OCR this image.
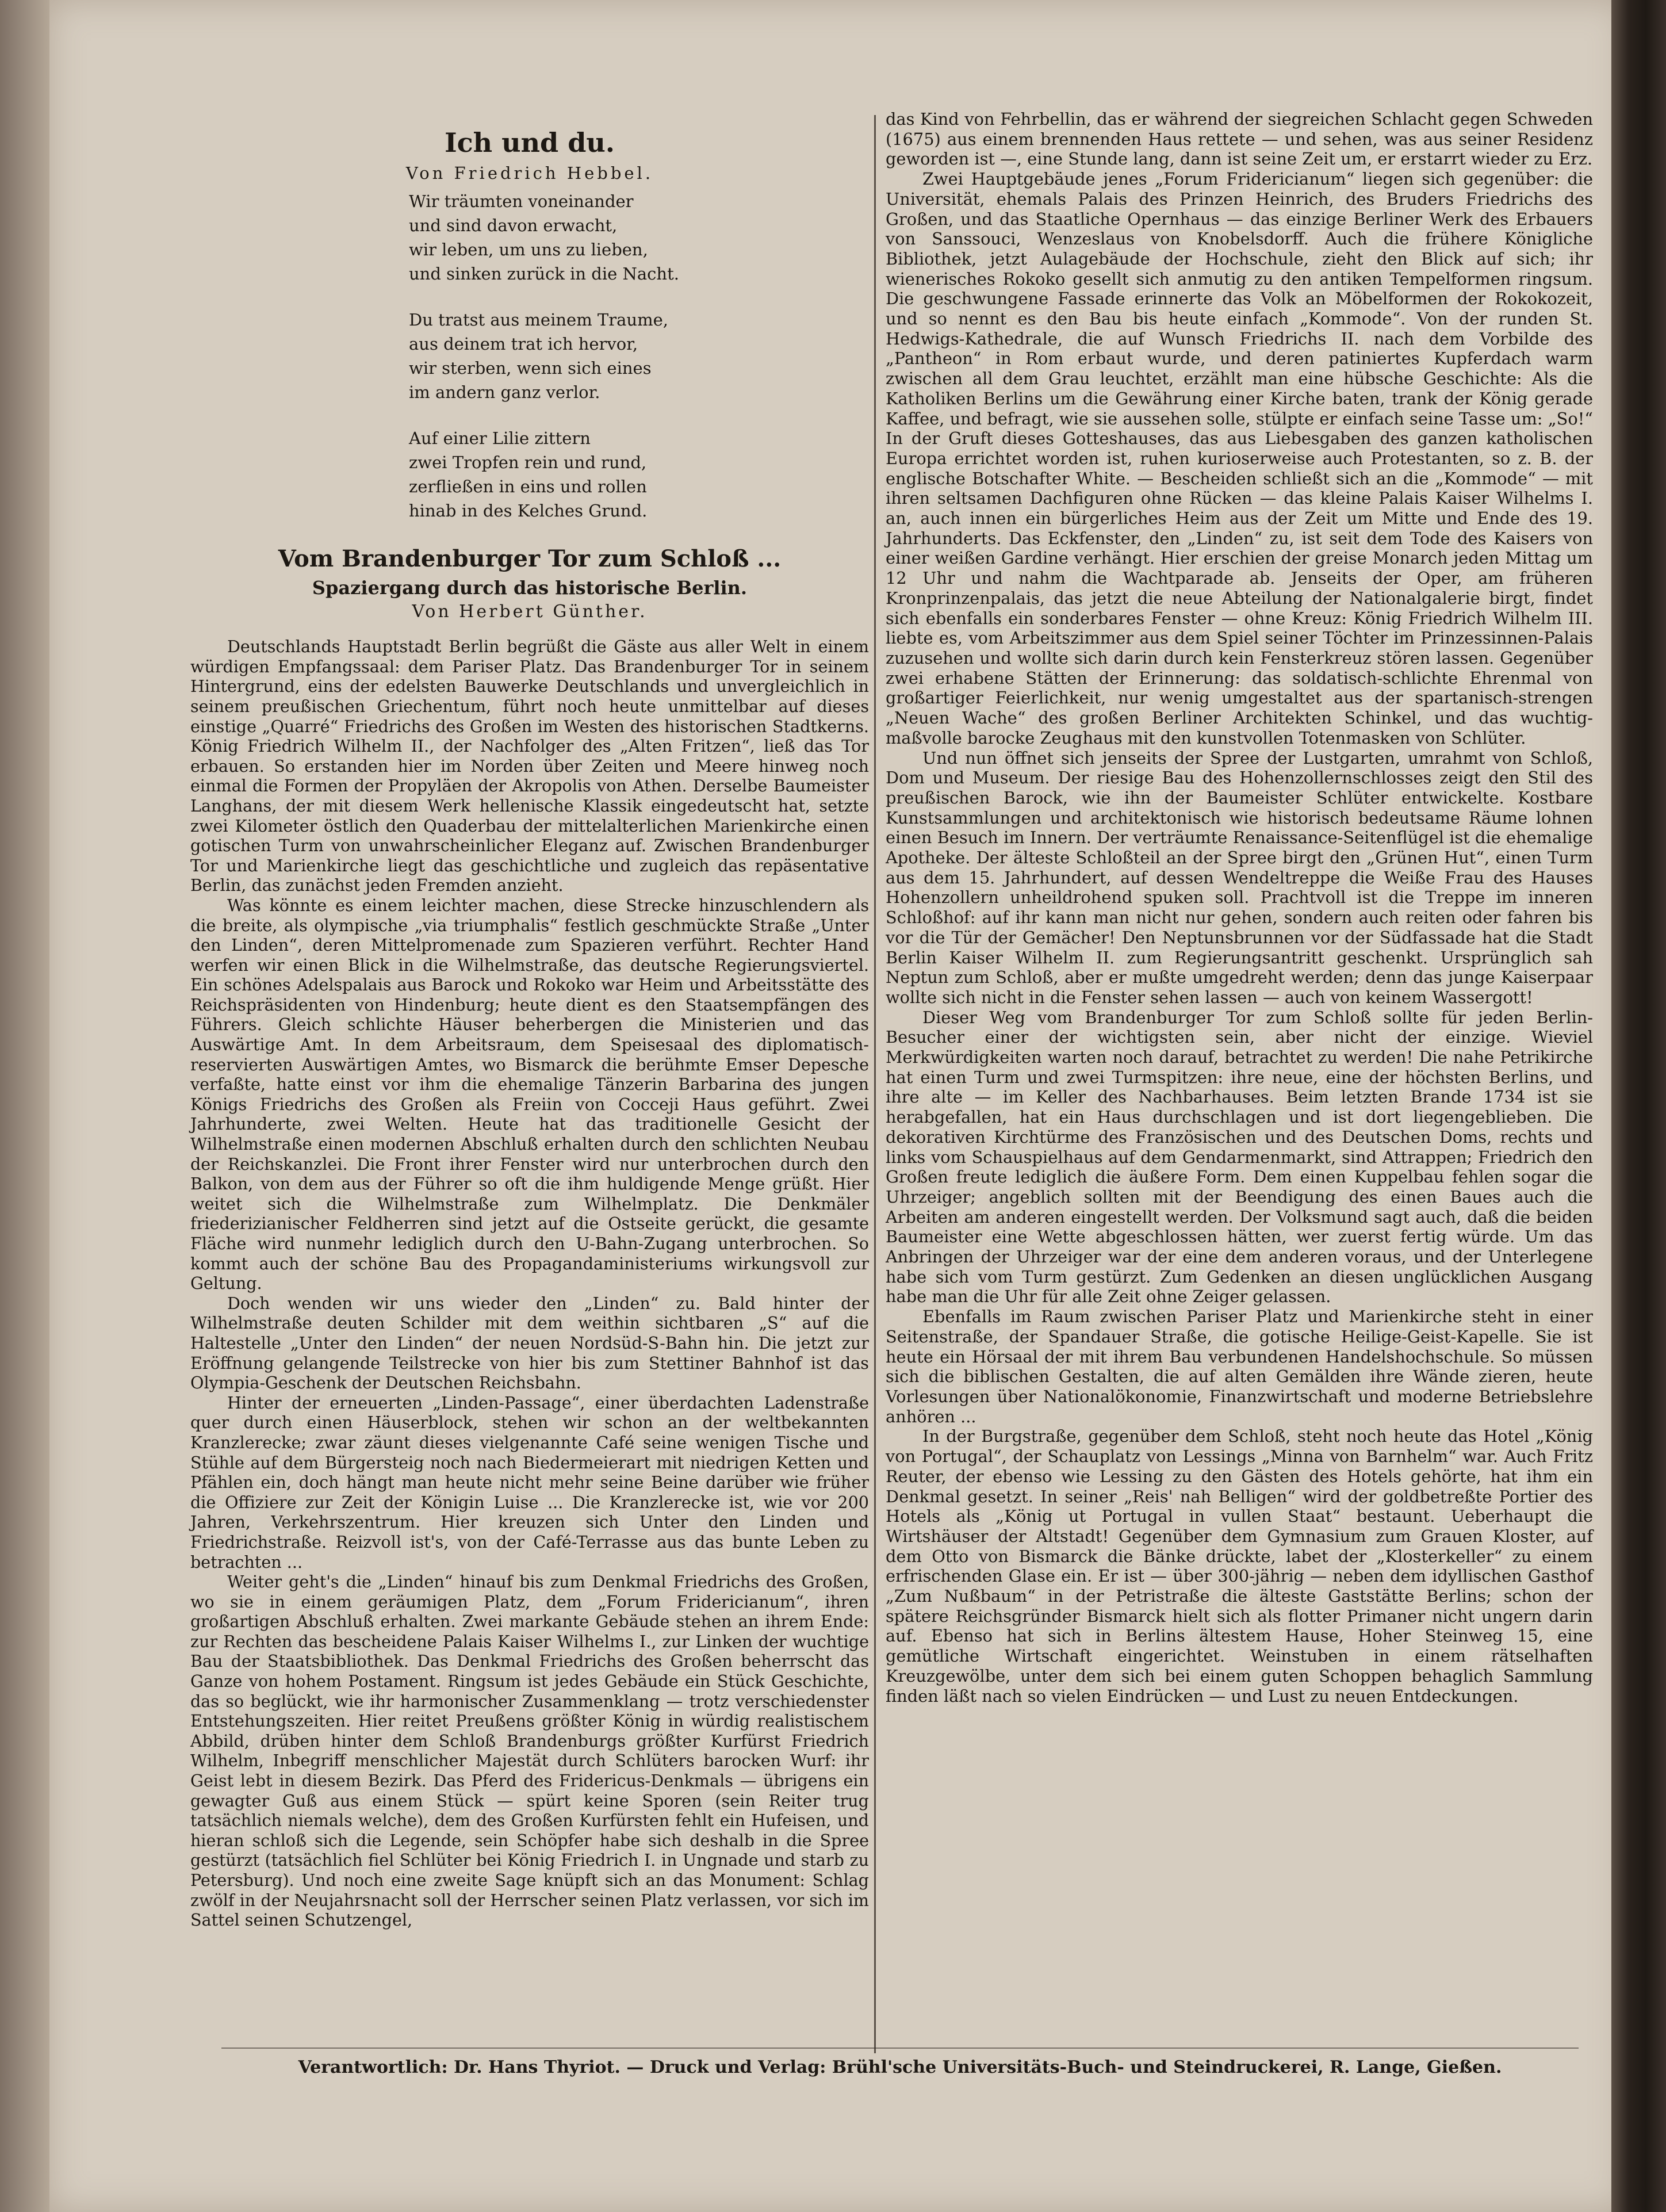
Ich und du.
Von Friedrich Hebbel.
Wir träumten voneinander
und sind davon erwacht,
wir leben, um uns zu lieben,
und sinken zurück in die Nacht.
Du tratst aus meinem Traume,
aus deinem trat ich hervor,
wir sterben, wenn sich eines
im andern ganz verlor.
Auf einer Lilie zittern
zwei Tropfen rein und rund,
zerfließen in eins und rollen
hinab in des Kelches Grund.
Vom Brandenburger Tor zum Schloß ...
Spaziergang durch das historische Berlin.
Von Herbert Günther.

Deutschlands Hauptstadt Berlin begrüßt die Gäste aus aller Welt in einem würdigen Empfangssaal: dem Pariser Platz. Das Brandenburger Tor in seinem Hintergrund, eins der edelsten Bauwerke Deutschlands und unvergleichlich in seinem preußischen Griechentum, führt noch heute unmittelbar auf dieses einstige „Quarré“ Friedrichs des Großen im Westen des historischen Stadtkerns. König Friedrich Wilhelm II., der Nachfolger des „Alten Fritzen“, ließ das Tor erbauen. So erstanden hier im Norden über Zeiten und Meere hinweg noch einmal die Formen der Propyläen der Akropolis von Athen. Derselbe Baumeister Langhans, der mit diesem Werk hellenische Klassik eingedeutscht hat, setzte zwei Kilometer östlich den Quaderbau der mittelalterlichen Marienkirche einen gotischen Turm von unwahrscheinlicher Eleganz auf. Zwischen Brandenburger Tor und Marienkirche liegt das geschichtliche und zugleich das repäsentative Berlin, das zunächst jeden Fremden anzieht.

Was könnte es einem leichter machen, diese Strecke hinzuschlendern als die breite, als olympische „via triumphalis“ festlich geschmückte Straße „Unter den Linden“, deren Mittelpromenade zum Spazieren verführt. Rechter Hand werfen wir einen Blick in die Wilhelmstraße, das deutsche Regierungsviertel. Ein schönes Adelspalais aus Barock und Rokoko war Heim und Arbeitsstätte des Reichspräsidenten von Hindenburg; heute dient es den Staatsempfängen des Führers. Gleich schlichte Häuser beherbergen die Ministerien und das Auswärtige Amt. In dem Arbeitsraum, dem Speisesaal des diplomatisch-reservierten Auswärtigen Amtes, wo Bismarck die berühmte Emser Depesche verfaßte, hatte einst vor ihm die ehemalige Tänzerin Barbarina des jungen Königs Friedrichs des Großen als Freiin von Cocceji Haus geführt. Zwei Jahrhunderte, zwei Welten. Heute hat das traditionelle Gesicht der Wilhelmstraße einen modernen Abschluß erhalten durch den schlichten Neubau der Reichskanzlei. Die Front ihrer Fenster wird nur unterbrochen durch den Balkon, von dem aus der Führer so oft die ihm huldigende Menge grüßt. Hier weitet sich die Wilhelmstraße zum Wilhelmplatz. Die Denkmäler friederizianischer Feldherren sind jetzt auf die Ostseite gerückt, die gesamte Fläche wird nunmehr lediglich durch den U-Bahn-Zugang unterbrochen. So kommt auch der schöne Bau des Propagandaministeriums wirkungsvoll zur Geltung.

Doch wenden wir uns wieder den „Linden“ zu. Bald hinter der Wilhelmstraße deuten Schilder mit dem weithin sichtbaren „S“ auf die Haltestelle „Unter den Linden“ der neuen Nordsüd-S-Bahn hin. Die jetzt zur Eröffnung gelangende Teilstrecke von hier bis zum Stettiner Bahnhof ist das Olympia-Geschenk der Deutschen Reichsbahn.

Hinter der erneuerten „Linden-Passage“, einer überdachten Ladenstraße quer durch einen Häuserblock, stehen wir schon an der weltbekannten Kranzlerecke; zwar zäunt dieses vielgenannte Café seine wenigen Tische und Stühle auf dem Bürgersteig noch nach Biedermeierart mit niedrigen Ketten und Pfählen ein, doch hängt man heute nicht mehr seine Beine darüber wie früher die Offiziere zur Zeit der Königin Luise ... Die Kranzlerecke ist, wie vor 200 Jahren, Verkehrszentrum. Hier kreuzen sich Unter den Linden und Friedrichstraße. Reizvoll ist's, von der Café-Terrasse aus das bunte Leben zu betrachten ...

Weiter geht's die „Linden“ hinauf bis zum Denkmal Friedrichs des Großen, wo sie in einem geräumigen Platz, dem „Forum Fridericianum“, ihren großartigen Abschluß erhalten. Zwei markante Gebäude stehen an ihrem Ende: zur Rechten das bescheidene Palais Kaiser Wilhelms I., zur Linken der wuchtige Bau der Staatsbibliothek. Das Denkmal Friedrichs des Großen beherrscht das Ganze von hohem Postament. Ringsum ist jedes Gebäude ein Stück Geschichte, das so beglückt, wie ihr harmonischer Zusammenklang — trotz verschiedenster Entstehungszeiten. Hier reitet Preußens größter König in würdig realistischem Abbild, drüben hinter dem Schloß Brandenburgs größter Kurfürst Friedrich Wilhelm, Inbegriff menschlicher Majestät durch Schlüters barocken Wurf: ihr Geist lebt in diesem Bezirk. Das Pferd des Fridericus-Denkmals — übrigens ein gewagter Guß aus einem Stück — spürt keine Sporen (sein Reiter trug tatsächlich niemals welche), dem des Großen Kurfürsten fehlt ein Hufeisen, und hieran schloß sich die Legende, sein Schöpfer habe sich deshalb in die Spree gestürzt (tatsächlich fiel Schlüter bei König Friedrich I. in Ungnade und starb zu Petersburg). Und noch eine zweite Sage knüpft sich an das Monument: Schlag zwölf in der Neujahrsnacht soll der Herrscher seinen Platz verlassen, vor sich im Sattel seinen Schutzengel,

das Kind von Fehrbellin, das er während der siegreichen Schlacht gegen Schweden (1675) aus einem brennenden Haus rettete — und sehen, was aus seiner Residenz geworden ist —, eine Stunde lang, dann ist seine Zeit um, er erstarrt wieder zu Erz.

Zwei Hauptgebäude jenes „Forum Fridericianum“ liegen sich gegenüber: die Universität, ehemals Palais des Prinzen Heinrich, des Bruders Friedrichs des Großen, und das Staatliche Opernhaus — das einzige Berliner Werk des Erbauers von Sanssouci, Wenzeslaus von Knobelsdorff. Auch die frühere Königliche Bibliothek, jetzt Aulagebäude der Hochschule, zieht den Blick auf sich; ihr wienerisches Rokoko gesellt sich anmutig zu den antiken Tempelformen ringsum. Die geschwungene Fassade erinnerte das Volk an Möbelformen der Rokokozeit, und so nennt es den Bau bis heute einfach „Kommode“. Von der runden St. Hedwigs-Kathedrale, die auf Wunsch Friedrichs II. nach dem Vorbilde des „Pantheon“ in Rom erbaut wurde, und deren patiniertes Kupferdach warm zwischen all dem Grau leuchtet, erzählt man eine hübsche Geschichte: Als die Katholiken Berlins um die Gewährung einer Kirche baten, trank der König gerade Kaffee, und befragt, wie sie aussehen solle, stülpte er einfach seine Tasse um: „So!“ In der Gruft dieses Gotteshauses, das aus Liebesgaben des ganzen katholischen Europa errichtet worden ist, ruhen kurioserweise auch Protestanten, so z. B. der englische Botschafter White. — Bescheiden schließt sich an die „Kommode“ — mit ihren seltsamen Dachfiguren ohne Rücken — das kleine Palais Kaiser Wilhelms I. an, auch innen ein bürgerliches Heim aus der Zeit um Mitte und Ende des 19. Jahrhunderts. Das Eckfenster, den „Linden“ zu, ist seit dem Tode des Kaisers von einer weißen Gardine verhängt. Hier erschien der greise Monarch jeden Mittag um 12 Uhr und nahm die Wachtparade ab. Jenseits der Oper, am früheren Kronprinzenpalais, das jetzt die neue Abteilung der Nationalgalerie birgt, findet sich ebenfalls ein sonderbares Fenster — ohne Kreuz: König Friedrich Wilhelm III. liebte es, vom Arbeitszimmer aus dem Spiel seiner Töchter im Prinzessinnen-Palais zuzusehen und wollte sich darin durch kein Fensterkreuz stören lassen. Gegenüber zwei erhabene Stätten der Erinnerung: das soldatisch-schlichte Ehrenmal von großartiger Feierlichkeit, nur wenig umgestaltet aus der spartanisch-strengen „Neuen Wache“ des großen Berliner Architekten Schinkel, und das wuchtig-maßvolle barocke Zeughaus mit den kunstvollen Totenmasken von Schlüter.

Und nun öffnet sich jenseits der Spree der Lustgarten, umrahmt von Schloß, Dom und Museum. Der riesige Bau des Hohenzollernschlosses zeigt den Stil des preußischen Barock, wie ihn der Baumeister Schlüter entwickelte. Kostbare Kunstsammlungen und architektonisch wie historisch bedeutsame Räume lohnen einen Besuch im Innern. Der verträumte Renaissance-Seitenflügel ist die ehemalige Apotheke. Der älteste Schloßteil an der Spree birgt den „Grünen Hut“, einen Turm aus dem 15. Jahrhundert, auf dessen Wendeltreppe die Weiße Frau des Hauses Hohenzollern unheildrohend spuken soll. Prachtvoll ist die Treppe im inneren Schloßhof: auf ihr kann man nicht nur gehen, sondern auch reiten oder fahren bis vor die Tür der Gemächer! Den Neptunsbrunnen vor der Südfassade hat die Stadt Berlin Kaiser Wilhelm II. zum Regierungsantritt geschenkt. Ursprünglich sah Neptun zum Schloß, aber er mußte umgedreht werden; denn das junge Kaiserpaar wollte sich nicht in die Fenster sehen lassen — auch von keinem Wassergott!

Dieser Weg vom Brandenburger Tor zum Schloß sollte für jeden Berlin-Besucher einer der wichtigsten sein, aber nicht der einzige. Wieviel Merkwürdigkeiten warten noch darauf, betrachtet zu werden! Die nahe Petrikirche hat einen Turm und zwei Turmspitzen: ihre neue, eine der höchsten Berlins, und ihre alte — im Keller des Nachbarhauses. Beim letzten Brande 1734 ist sie herabgefallen, hat ein Haus durchschlagen und ist dort liegengeblieben. Die dekorativen Kirchtürme des Französischen und des Deutschen Doms, rechts und links vom Schauspielhaus auf dem Gendarmenmarkt, sind Attrappen; Friedrich den Großen freute lediglich die äußere Form. Dem einen Kuppelbau fehlen sogar die Uhrzeiger; angeblich sollten mit der Beendigung des einen Baues auch die Arbeiten am anderen eingestellt werden. Der Volksmund sagt auch, daß die beiden Baumeister eine Wette abgeschlossen hätten, wer zuerst fertig würde. Um das Anbringen der Uhrzeiger war der eine dem anderen voraus, und der Unterlegene habe sich vom Turm gestürzt. Zum Gedenken an diesen unglücklichen Ausgang habe man die Uhr für alle Zeit ohne Zeiger gelassen.

Ebenfalls im Raum zwischen Pariser Platz und Marienkirche steht in einer Seitenstraße, der Spandauer Straße, die gotische Heilige-Geist-Kapelle. Sie ist heute ein Hörsaal der mit ihrem Bau verbundenen Handelshochschule. So müssen sich die biblischen Gestalten, die auf alten Gemälden ihre Wände zieren, heute Vorlesungen über Nationalökonomie, Finanzwirtschaft und moderne Betriebslehre anhören ...

In der Burgstraße, gegenüber dem Schloß, steht noch heute das Hotel „König von Portugal“, der Schauplatz von Lessings „Minna von Barnhelm“ war. Auch Fritz Reuter, der ebenso wie Lessing zu den Gästen des Hotels gehörte, hat ihm ein Denkmal gesetzt. In seiner „Reis' nah Belligen“ wird der goldbetreßte Portier des Hotels als „König ut Portugal in vullen Staat“ bestaunt. Ueberhaupt die Wirtshäuser der Altstadt! Gegenüber dem Gymnasium zum Grauen Kloster, auf dem Otto von Bismarck die Bänke drückte, labet der „Klosterkeller“ zu einem erfrischenden Glase ein. Er ist — über 300-jährig — neben dem idyllischen Gasthof „Zum Nußbaum“ in der Petristraße die älteste Gaststätte Berlins; schon der spätere Reichsgründer Bismarck hielt sich als flotter Primaner nicht ungern darin auf. Ebenso hat sich in Berlins ältestem Hause, Hoher Steinweg 15, eine gemütliche Wirtschaft eingerichtet. Weinstuben in einem rätselhaften Kreuzgewölbe, unter dem sich bei einem guten Schoppen behaglich Sammlung finden läßt nach so vielen Eindrücken — und Lust zu neuen Entdeckungen.

Verantwortlich: Dr. Hans Thyriot. — Druck und Verlag: Brühl'sche Universitäts-Buch- und Steindruckerei, R. Lange, Gießen.
